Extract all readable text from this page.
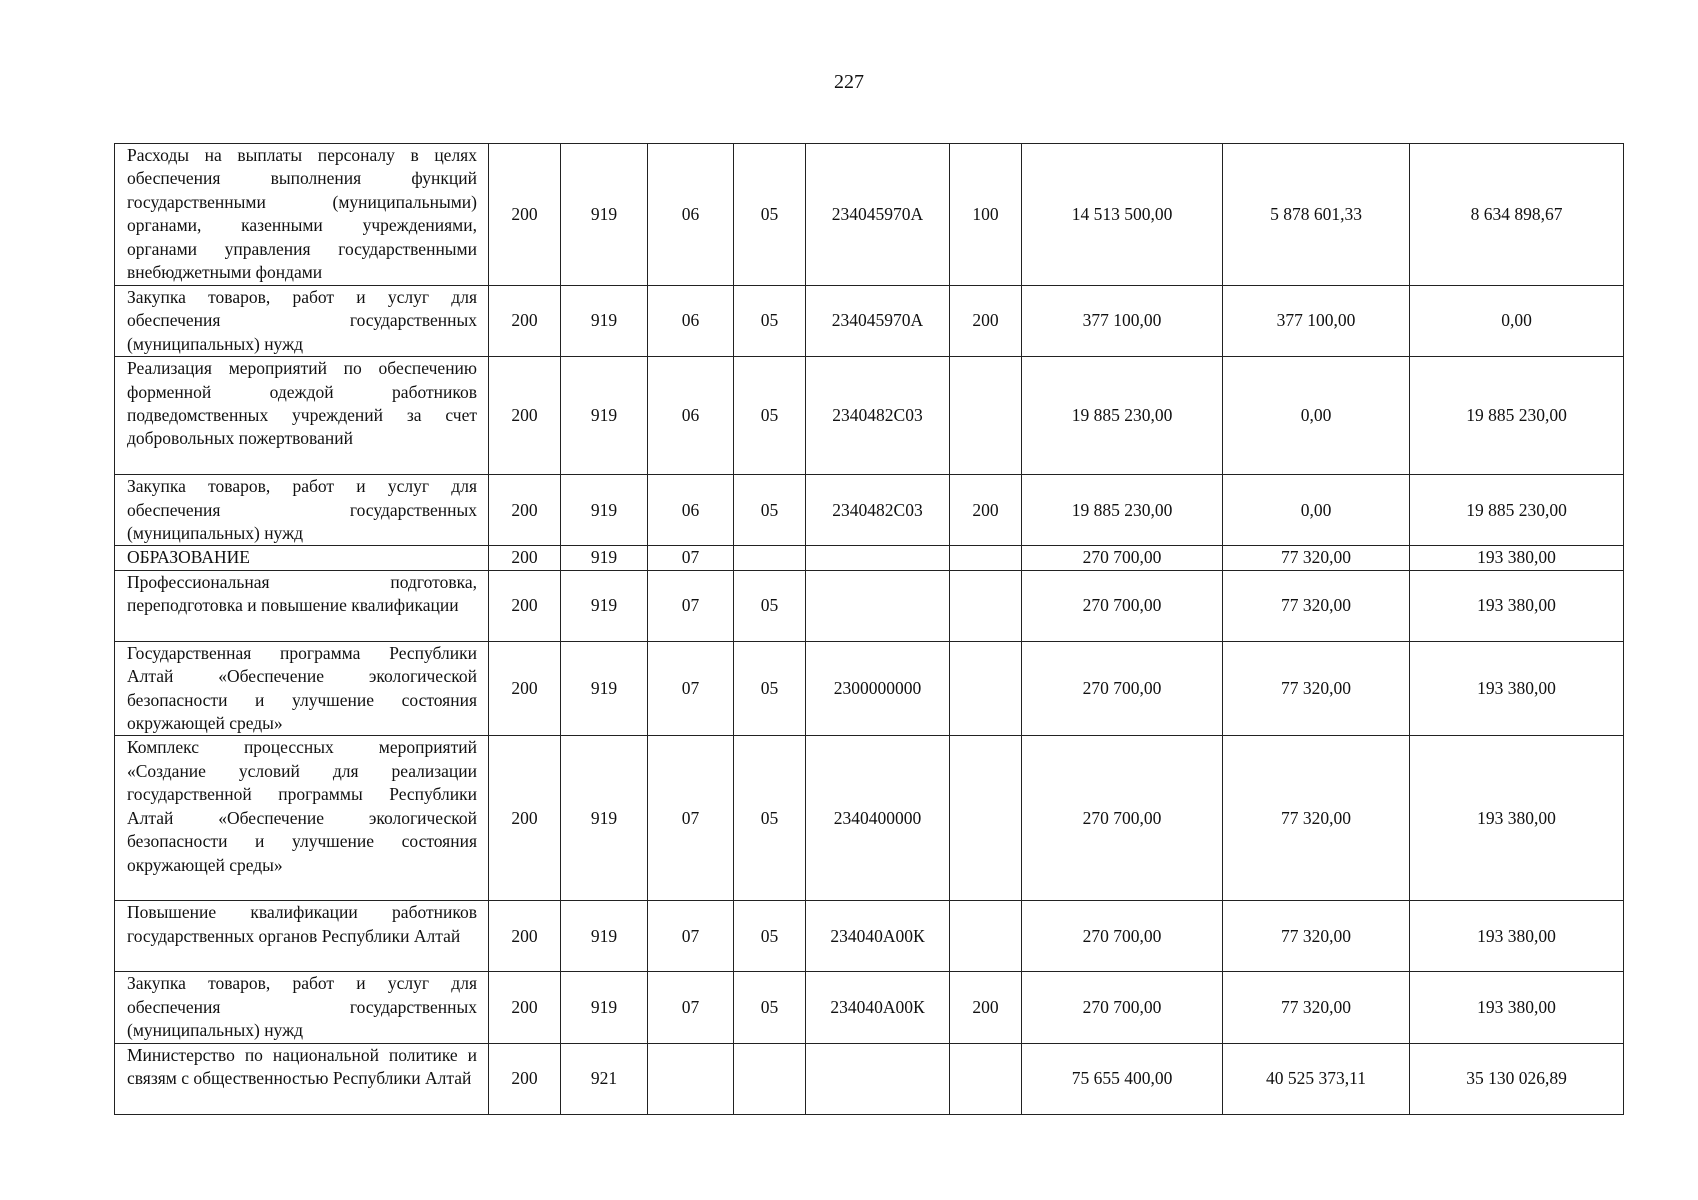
227
Расходы на выплаты персоналу в целях обеспечения выполнения функций государственными (муниципальными) органами, казенными учреждениями, органами управления государственными внебюджетными фондами	200	919	06	05	234045970А	100	14 513 500,00	5 878 601,33	8 634 898,67
Закупка товаров, работ и услуг для обеспечения государственных (муниципальных) нужд	200	919	06	05	234045970А	200	377 100,00	377 100,00	0,00
Реализация мероприятий по обеспечению форменной одеждой работников подведомственных учреждений за счет добровольных пожертвований	200	919	06	05	2340482С03		19 885 230,00	0,00	19 885 230,00
Закупка товаров, работ и услуг для обеспечения государственных (муниципальных) нужд	200	919	06	05	2340482С03	200	19 885 230,00	0,00	19 885 230,00
ОБРАЗОВАНИЕ	200	919	07				270 700,00	77 320,00	193 380,00
Профессиональная подготовка, переподготовка и повышение квалификации	200	919	07	05			270 700,00	77 320,00	193 380,00
Государственная программа Республики Алтай «Обеспечение экологической безопасности и улучшение состояния окружающей среды»	200	919	07	05	2300000000		270 700,00	77 320,00	193 380,00
Комплекс процессных мероприятий «Создание условий для реализации государственной программы Республики Алтай «Обеспечение экологической безопасности и улучшение состояния окружающей среды»	200	919	07	05	2340400000		270 700,00	77 320,00	193 380,00
Повышение квалификации работников государственных органов Республики Алтай	200	919	07	05	234040А00К		270 700,00	77 320,00	193 380,00
Закупка товаров, работ и услуг для обеспечения государственных (муниципальных) нужд	200	919	07	05	234040А00К	200	270 700,00	77 320,00	193 380,00
Министерство по национальной политике и связям с общественностью Республики Алтай	200	921					75 655 400,00	40 525 373,11	35 130 026,89
